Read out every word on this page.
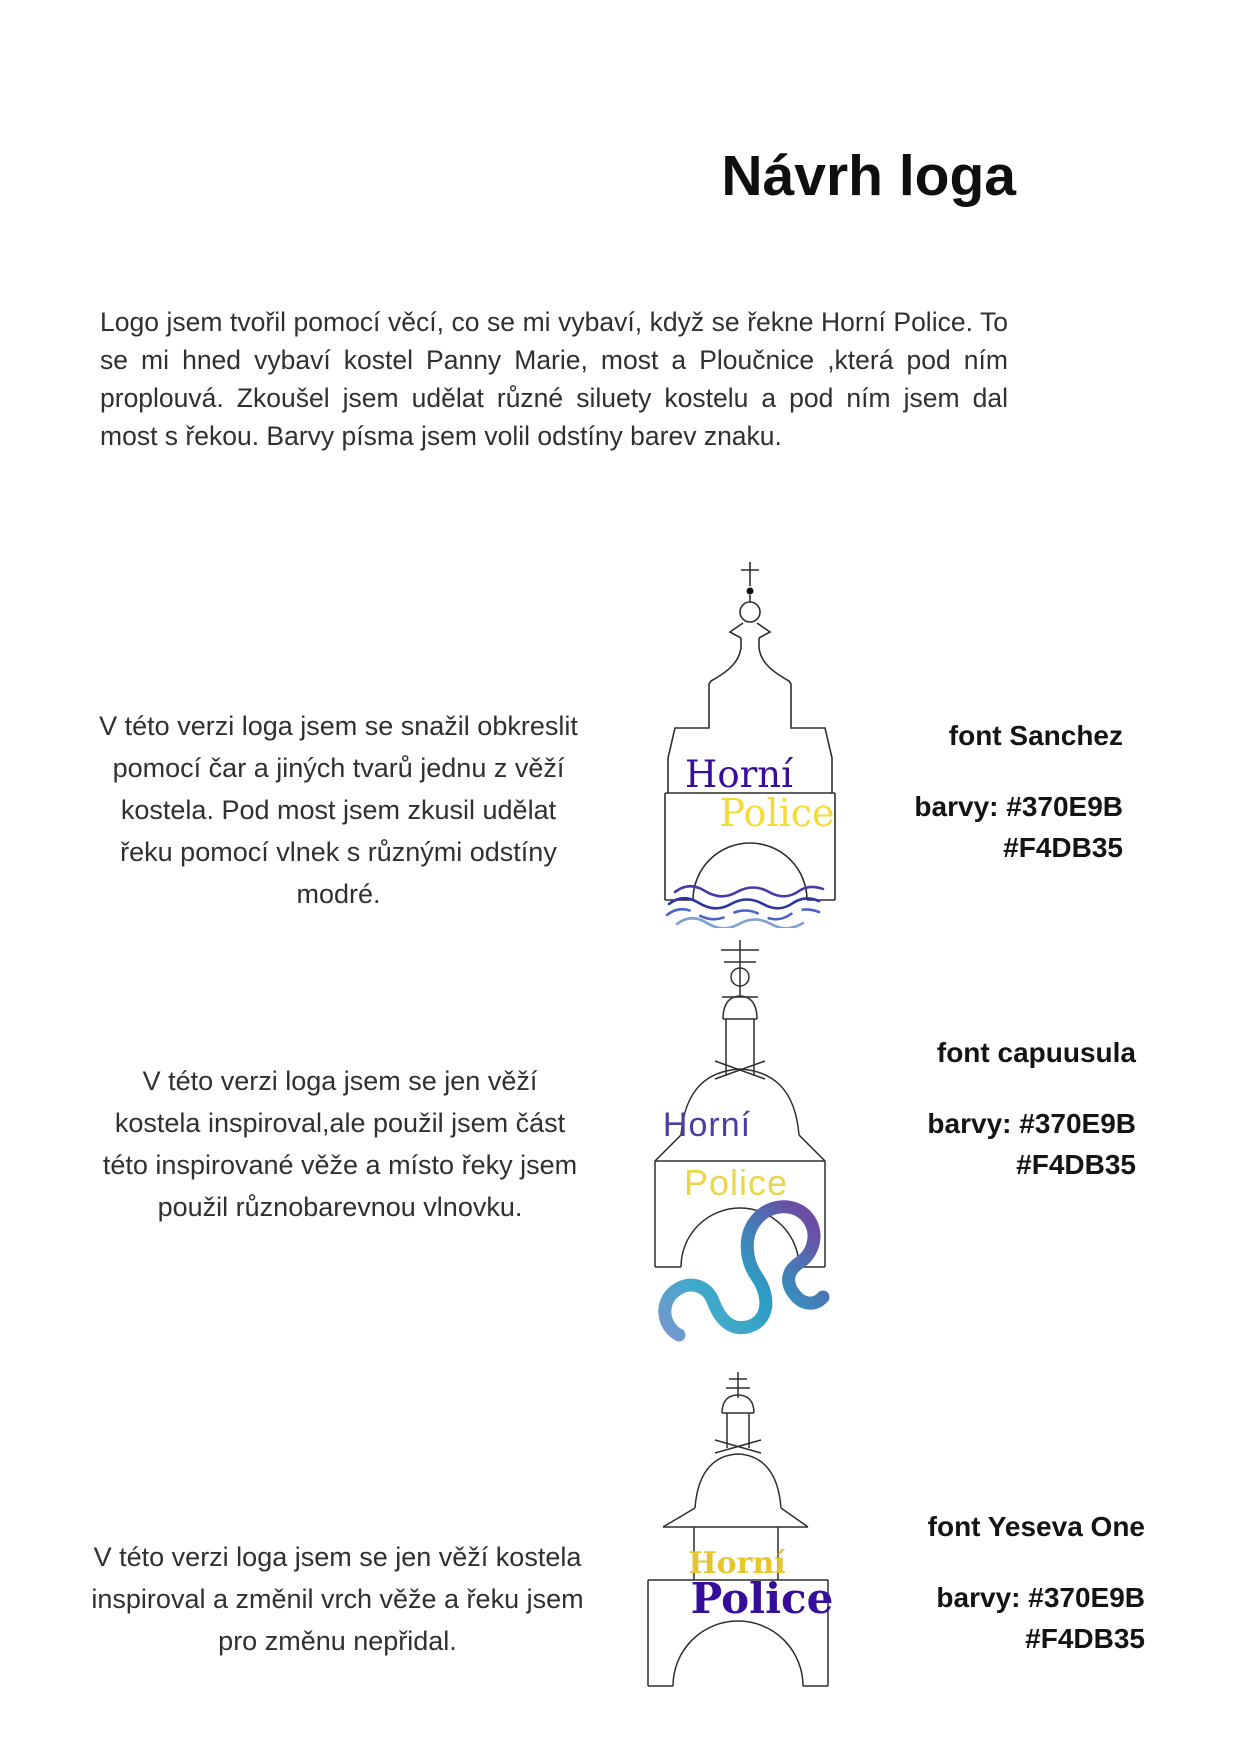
Návrh loga
Logo jsem tvořil pomocí věcí, co se mi vybaví, když se řekne Horní Police. To se mi hned vybaví kostel Panny Marie, most a Ploučnice ,která pod ním proplouvá. Zkoušel jsem udělat různé siluety kostelu a pod ním jsem dal most s řekou. Barvy písma jsem volil odstíny barev znaku.
V této verzi loga jsem se snažil obkreslit pomocí čar a jiných tvarů jednu z věží kostela. Pod most jsem zkusil udělat řeku pomocí vlnek s různými odstíny modré.
Horní
Police
font Sanchez
barvy: #370E9B
#F4DB35
V této verzi loga jsem se jen věží kostela inspiroval,ale použil jsem část této inspirované věže a místo řeky jsem použil různobarevnou vlnovku.
Horní
Police
font capuusula
barvy: #370E9B
#F4DB35
V této verzi loga jsem se jen věží kostela inspiroval a změnil vrch věže a řeku jsem pro změnu nepřidal.
Horní
Police
font Yeseva One
barvy: #370E9B
#F4DB35
